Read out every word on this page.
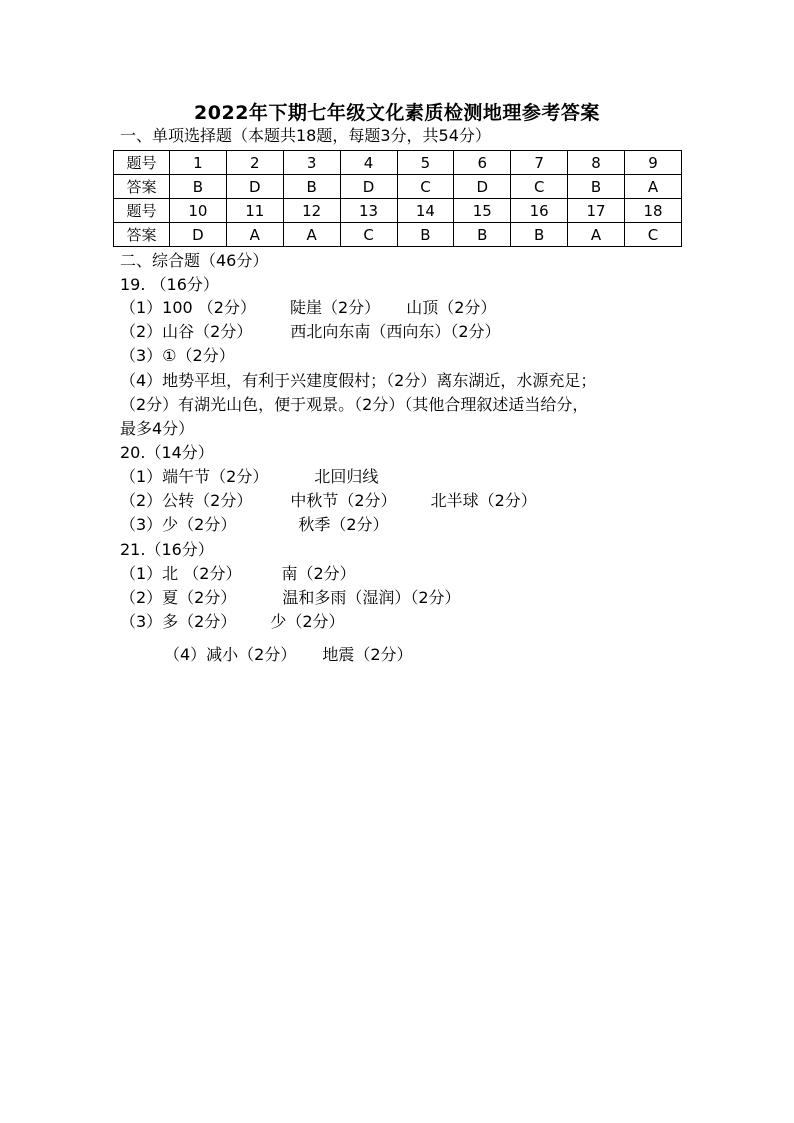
2022年下期七年级文化素质检测地理参考答案
一、单项选择题（本题共18题，每题3分，共54分）
题号	1	2	3	4	5	6	7	8	9
答案	B	D	B	D	C	D	C	B	A
题号	10	11	12	13	14	15	16	17	18
答案	D	A	A	C	B	B	B	A	C
二、综合题（46分）
19. （16分）
（1）100 （2分） 陡崖（2分） 山顶（2分）
（2）山谷（2分） 西北向东南（西向东）（2分）
（3）①（2分）
（4）地势平坦，有利于兴建度假村；（2分）离东湖近，水源充足；
（2分）有湖光山色，便于观景。（2分）（其他合理叙述适当给分，
最多4分）
20.（14分）
（1）端午节（2分）	北回归线
（2）公转（2分） 中秋节（2分） 北半球（2分）
（3）少（2分）	秋季（2分）
21.（16分）
（1）北 （2分）	南（2分）
（2）夏（2分）	温和多雨（湿润）（2分）
（3）多（2分） 少（2分）
（4）减小（2分） 地震（2分）
